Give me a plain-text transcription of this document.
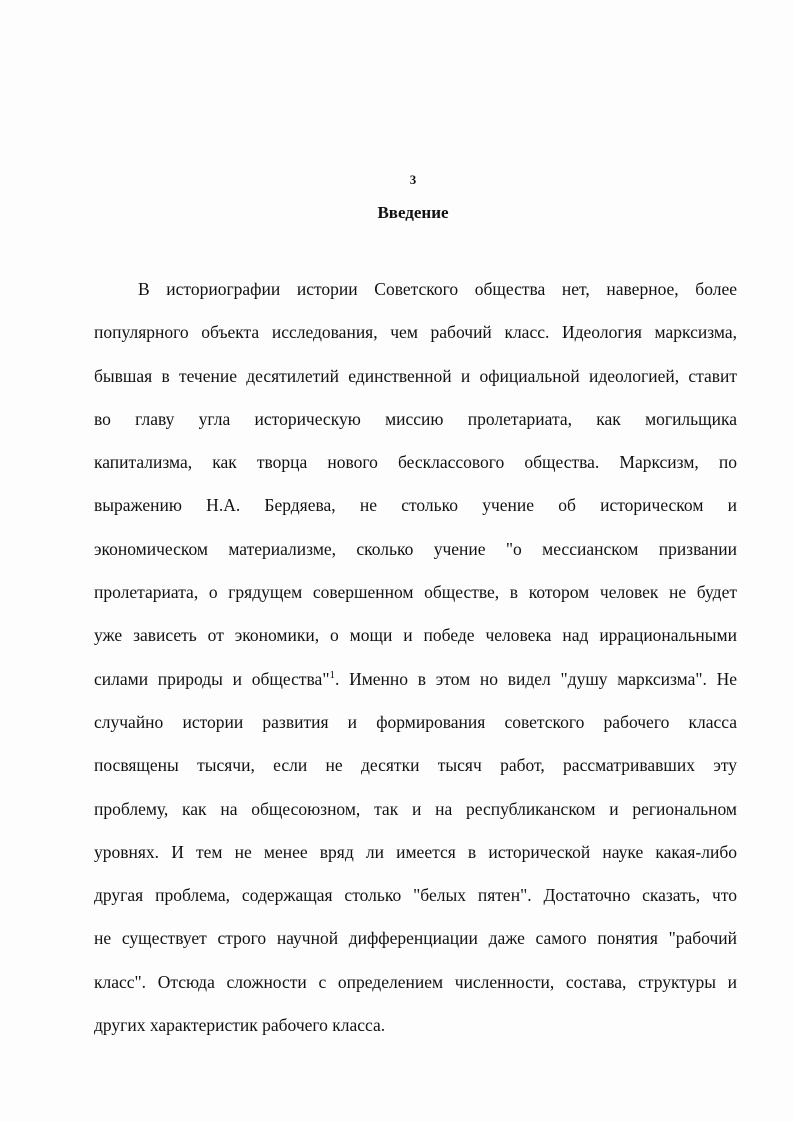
3
Введение
В историографии истории Советского общества нет, наверное, более
популярного объекта исследования, чем рабочий класс. Идеология марксизма,
бывшая в течение десятилетий единственной и официальной идеологией, ставит
во главу угла историческую миссию пролетариата, как могильщика
капитализма, как творца нового бесклассового общества. Марксизм, по
выражению Н.А. Бердяева, не столько учение об историческом и
экономическом материализме, сколько учение "о мессианском призвании
пролетариата, о грядущем совершенном обществе, в котором человек не будет
уже зависеть от экономики, о мощи и победе человека над иррациональными
силами природы и общества"$^1$. Именно в этом но видел "душу марксизма". Не
случайно истории развития и формирования советского рабочего класса
посвящены тысячи, если не десятки тысяч работ, рассматривавших эту
проблему, как на общесоюзном, так и на республиканском и региональном
уровнях. И тем не менее вряд ли имеется в исторической науке какая-либо
другая проблема, содержащая столько "белых пятен". Достаточно сказать, что
не существует строго научной дифференциации даже самого понятия "рабочий
класс". Отсюда сложности с определением численности, состава, структуры и
других характеристик рабочего класса.
